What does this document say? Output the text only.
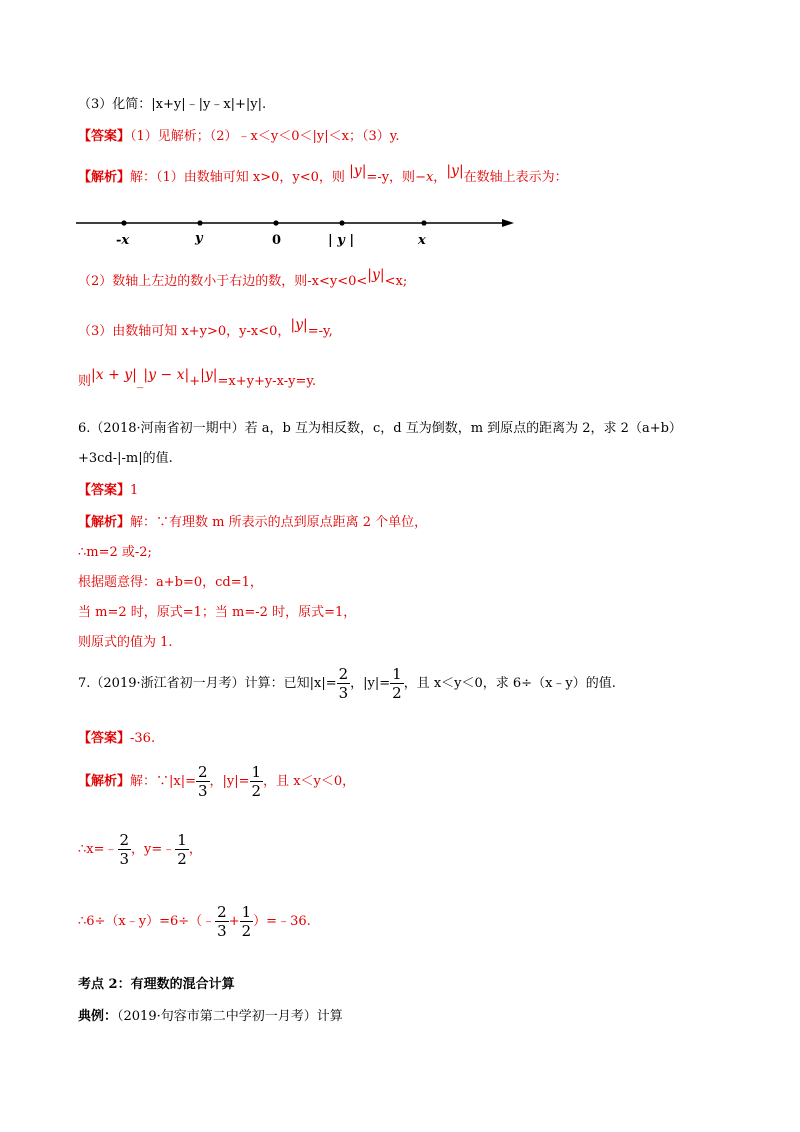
（3）化简：|x+y|﹣|y﹣x|+|y|.
【答案】（1）见解析；（2）﹣x＜y＜0＜|y|＜x；（3）y.
【解析】解：（1）由数轴可知 x>0，y<0，则 |y|=-y，则−x，|y|在数轴上表示为：
-x	y	0	| y |	x
（2）数轴上左边的数小于右边的数，则-x<y<0<|y|<x;
（3）由数轴可知 x+y>0，y-x<0，|y|=-y,
则|x + y|_|y − x|+|y|=x+y+y-x-y=y.
6.（2018·河南省初一期中）若 a，b 互为相反数，c，d 互为倒数，m 到原点的距离为 2，求 2（a+b）
+3cd-|-m|的值.
【答案】1
【解析】解：∵有理数 m 所表示的点到原点距离 2 个单位，
∴m=2 或-2;
根据题意得：a+b=0，cd=1，
当 m=2 时，原式=1；当 m=-2 时，原式=1，
则原式的值为 1.
7.（2019·浙江省初一月考）计算：已知$|x|= \frac{2}{3}$ ，$|y|= \frac{1}{2}$ ，且 x＜y＜0，求 6÷（x﹣y）的值.
【答案】-36.
【解析】解：∵|x|= $\frac{2}{3}$ ，$|y|= \frac{1}{2}$ ，且 x＜y＜0，
∴x=﹣ $\frac{2}{3}$ ，y=﹣ $\frac{1}{2}$ ，
∴6÷（x﹣y）=6÷（﹣ $\frac{2}{3} + \frac{1}{2}$ ）=﹣36.
考点 2：有理数的混合计算
典例：（2019·句容市第二中学初一月考）计算
